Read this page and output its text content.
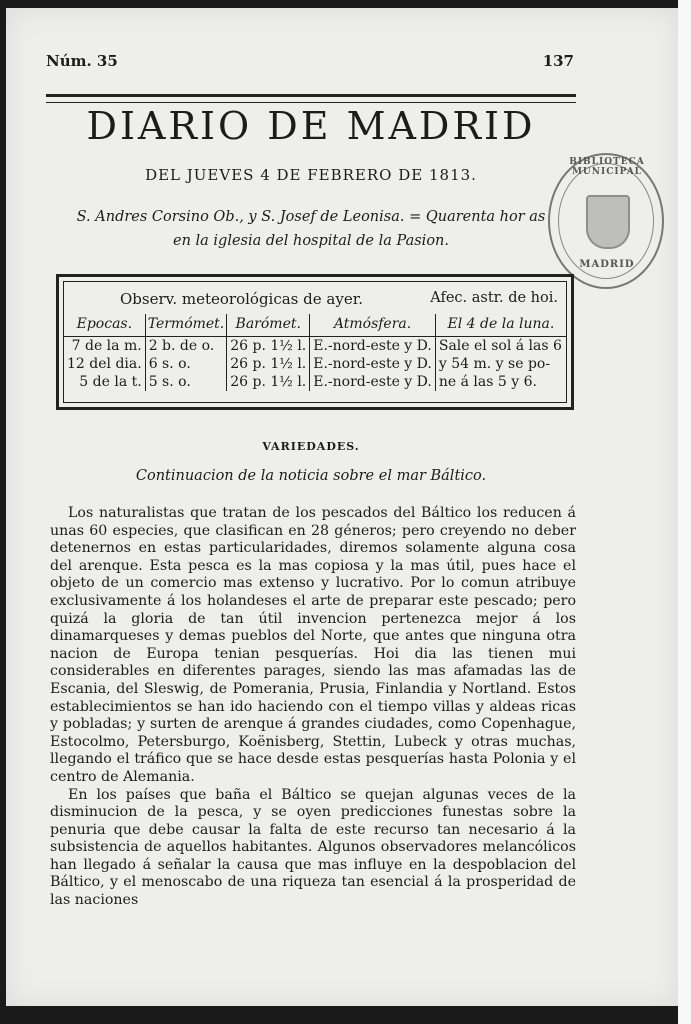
Núm. 35	137
DIARIO DE MADRID
DEL JUEVES 4 DE FEBRERO DE 1813.
S. Andres Corsino Ob., y S. Josef de Leonisa. = Quarenta hor as
en la iglesia del hospital de la Pasion.
BIBLIOTECA MUNICIPAL
MADRID
Observ. meteorológicas de ayer.	Afec. astr. de hoi.
Epocas.	Termómet.	Barómet.	Atmósfera.	El 4 de la luna.
7 de la m.	2 b. de o.	26 p. 1½ l.	E.-nord-este y D.	Sale el sol á las 6
12 del dia.	6 s. o.	26 p. 1½ l.	E.-nord-este y D.	y 54 m. y se po-
5 de la t.	5 s. o.	26 p. 1½ l.	E.-nord-este y D.	ne á las 5 y 6.
VARIEDADES.
Continuacion de la noticia sobre el mar Báltico.

Los naturalistas que tratan de los pescados del Báltico los reducen á unas 60 especies, que clasifican en 28 géneros; pero creyendo no deber detenernos en estas particularidades, diremos solamente alguna cosa del arenque. Esta pesca es la mas copiosa y la mas útil, pues hace el objeto de un comercio mas extenso y lucrativo. Por lo comun atribuye exclusivamente á los holandeses el arte de preparar este pescado; pero quizá la gloria de tan útil invencion pertenezca mejor á los dinamarqueses y demas pueblos del Norte, que antes que ninguna otra nacion de Europa tenian pesquerías. Hoi dia las tienen mui considerables en diferentes parages, siendo las mas afamadas las de Escania, del Sleswig, de Pomerania, Prusia, Finlandia y Nortland. Estos establecimientos se han ido haciendo con el tiempo villas y aldeas ricas y pobladas; y surten de arenque á grandes ciudades, como Copenhague, Estocolmo, Petersburgo, Koënisberg, Stettin, Lubeck y otras muchas, llegando el tráfico que se hace desde estas pesquerías hasta Polonia y el centro de Alemania.

En los países que baña el Báltico se quejan algunas veces de la disminucion de la pesca, y se oyen predicciones funestas sobre la penuria que debe causar la falta de este recurso tan necesario á la subsistencia de aquellos habitantes. Algunos observadores melancólicos han llegado á señalar la causa que mas influye en la despoblacion del Báltico, y el menoscabo de una riqueza tan esencial á la prosperidad de las naciones
